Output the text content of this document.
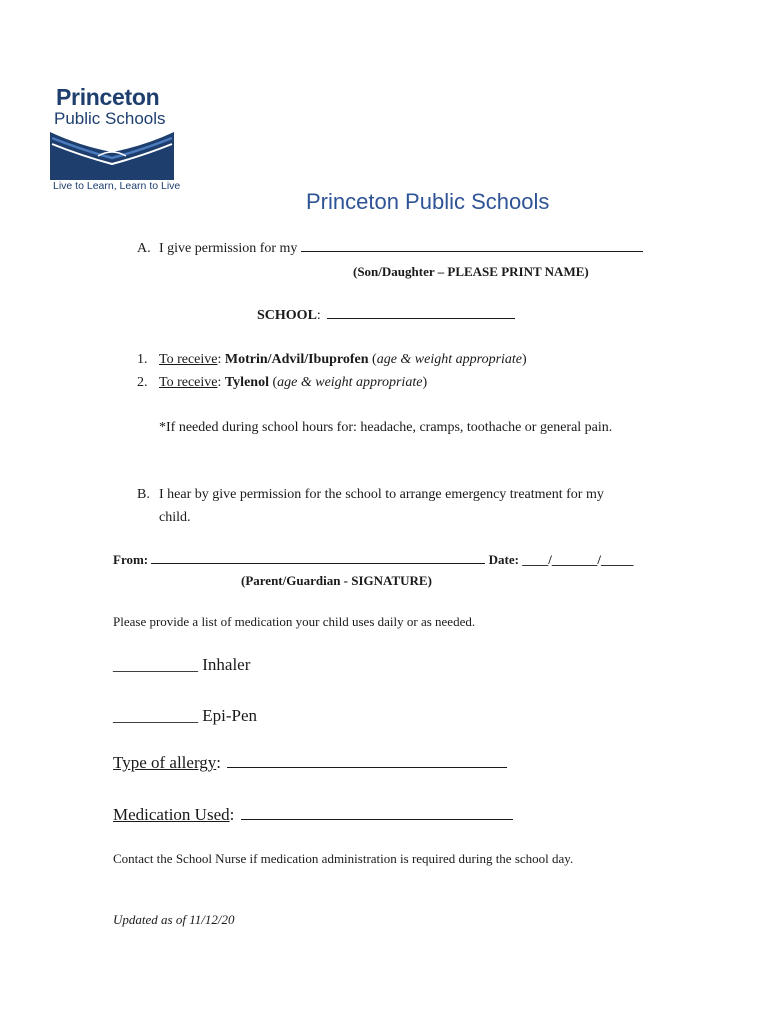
Princeton
Public Schools
Live to Learn, Learn to Live
Princeton Public Schools
A. I give permission for my
(Son/Daughter – PLEASE PRINT NAME)
SCHOOL:
1. To receive: Motrin/Advil/Ibuprofen (age & weight appropriate)
2. To receive: Tylenol (age & weight appropriate)
*If needed during school hours for: headache, cramps, toothache or general pain.
B. I hear by give permission for the school to arrange emergency treatment for my
child.
From:	Date: ____/_______/_____
(Parent/Guardian - SIGNATURE)
Please provide a list of medication your child uses daily or as needed.
__________ Inhaler
__________ Epi-Pen
Type of allergy:
Medication Used:
Contact the School Nurse if medication administration is required during the school day.
Updated as of 11/12/20
